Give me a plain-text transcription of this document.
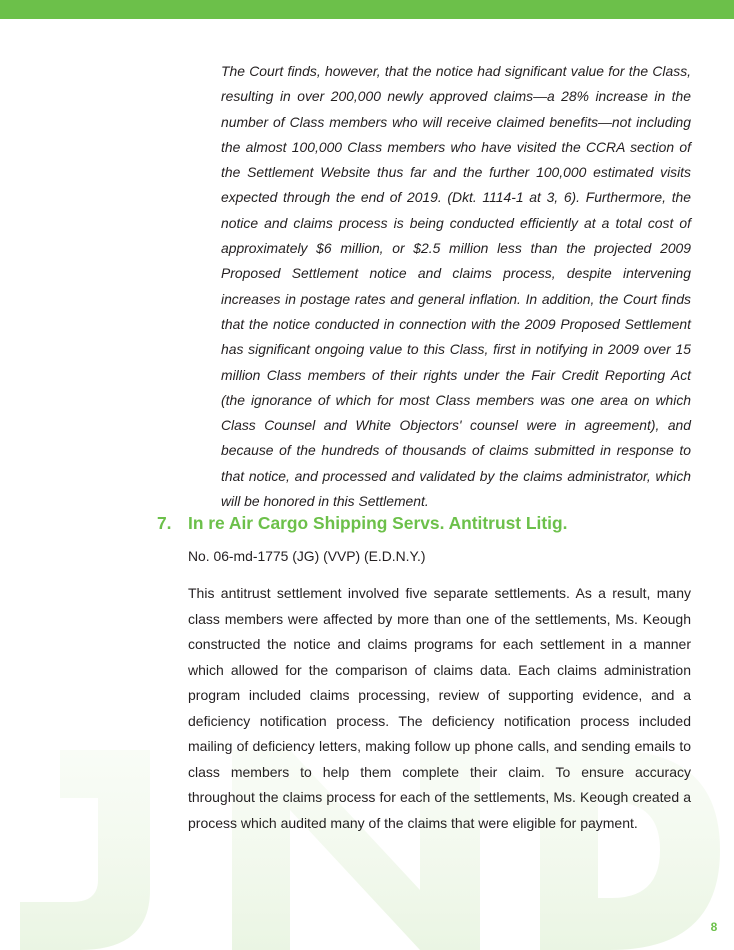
The Court finds, however, that the notice had significant value for the Class, resulting in over 200,000 newly approved claims—a 28% increase in the number of Class members who will receive claimed benefits—not including the almost 100,000 Class members who have visited the CCRA section of the Settlement Website thus far and the further 100,000 estimated visits expected through the end of 2019. (Dkt. 1114-1 at 3, 6). Furthermore, the notice and claims process is being conducted efficiently at a total cost of approximately $6 million, or $2.5 million less than the projected 2009 Proposed Settlement notice and claims process, despite intervening increases in postage rates and general inflation. In addition, the Court finds that the notice conducted in connection with the 2009 Proposed Settlement has significant ongoing value to this Class, first in notifying in 2009 over 15 million Class members of their rights under the Fair Credit Reporting Act (the ignorance of which for most Class members was one area on which Class Counsel and White Objectors' counsel were in agreement), and because of the hundreds of thousands of claims submitted in response to that notice, and processed and validated by the claims administrator, which will be honored in this Settlement.

7. In re Air Cargo Shipping Servs. Antitrust Litig.

No. 06-md-1775 (JG) (VVP) (E.D.N.Y.)

This antitrust settlement involved five separate settlements. As a result, many class members were affected by more than one of the settlements, Ms. Keough constructed the notice and claims programs for each settlement in a manner which allowed for the comparison of claims data. Each claims administration program included claims processing, review of supporting evidence, and a deficiency notification process. The deficiency notification process included mailing of deficiency letters, making follow up phone calls, and sending emails to class members to help them complete their claim. To ensure accuracy throughout the claims process for each of the settlements, Ms. Keough created a process which audited many of the claims that were eligible for payment.

8
